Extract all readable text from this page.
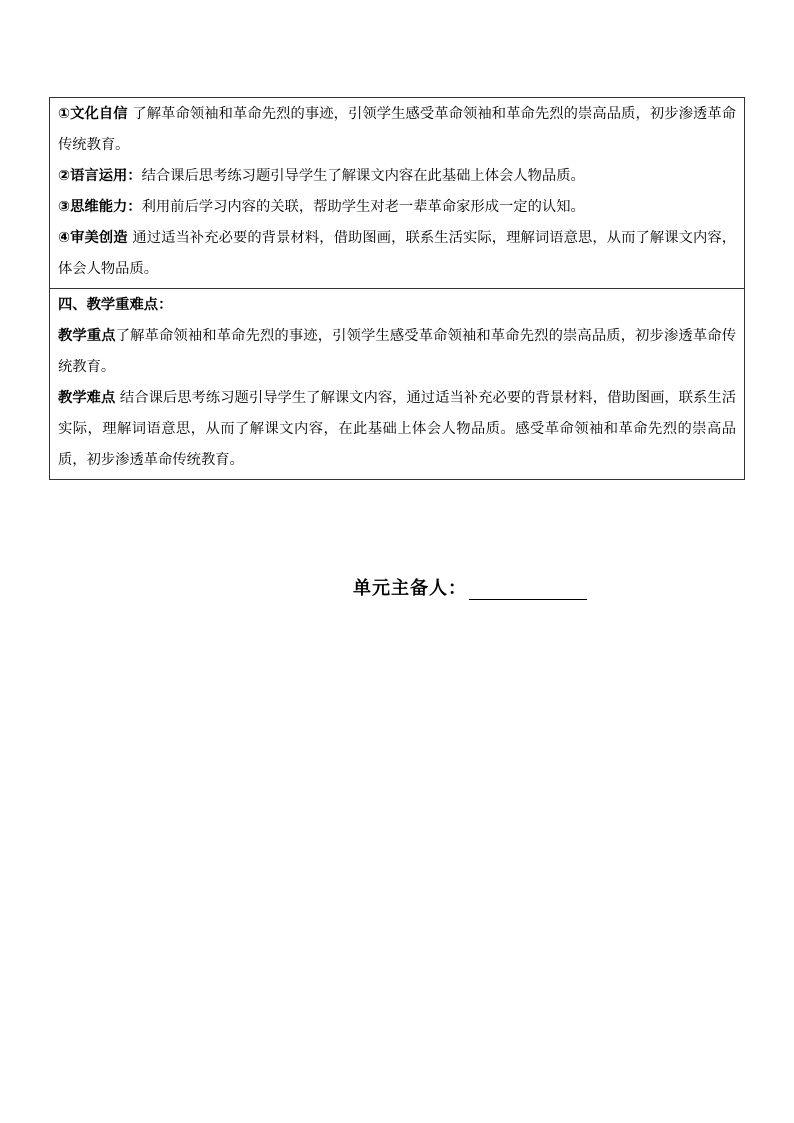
①文化自信 了解革命领袖和革命先烈的事迹，引领学生感受革命领袖和革命先烈的崇高品质，初步渗透革命传统教育。

②语言运用：结合课后思考练习题引导学生了解课文内容在此基础上体会人物品质。

③思维能力：利用前后学习内容的关联，帮助学生对老一辈革命家形成一定的认知。

④审美创造 通过适当补充必要的背景材料，借助图画，联系生活实际，理解词语意思，从而了解课文内容，体会人物品质。

四、教学重难点：

教学重点了解革命领袖和革命先烈的事迹，引领学生感受革命领袖和革命先烈的崇高品质，初步渗透革命传统教育。

教学难点 结合课后思考练习题引导学生了解课文内容，通过适当补充必要的背景材料，借助图画，联系生活实际，理解词语意思，从而了解课文内容，在此基础上体会人物品质。感受革命领袖和革命先烈的崇高品质，初步渗透革命传统教育。

单元主备人：
